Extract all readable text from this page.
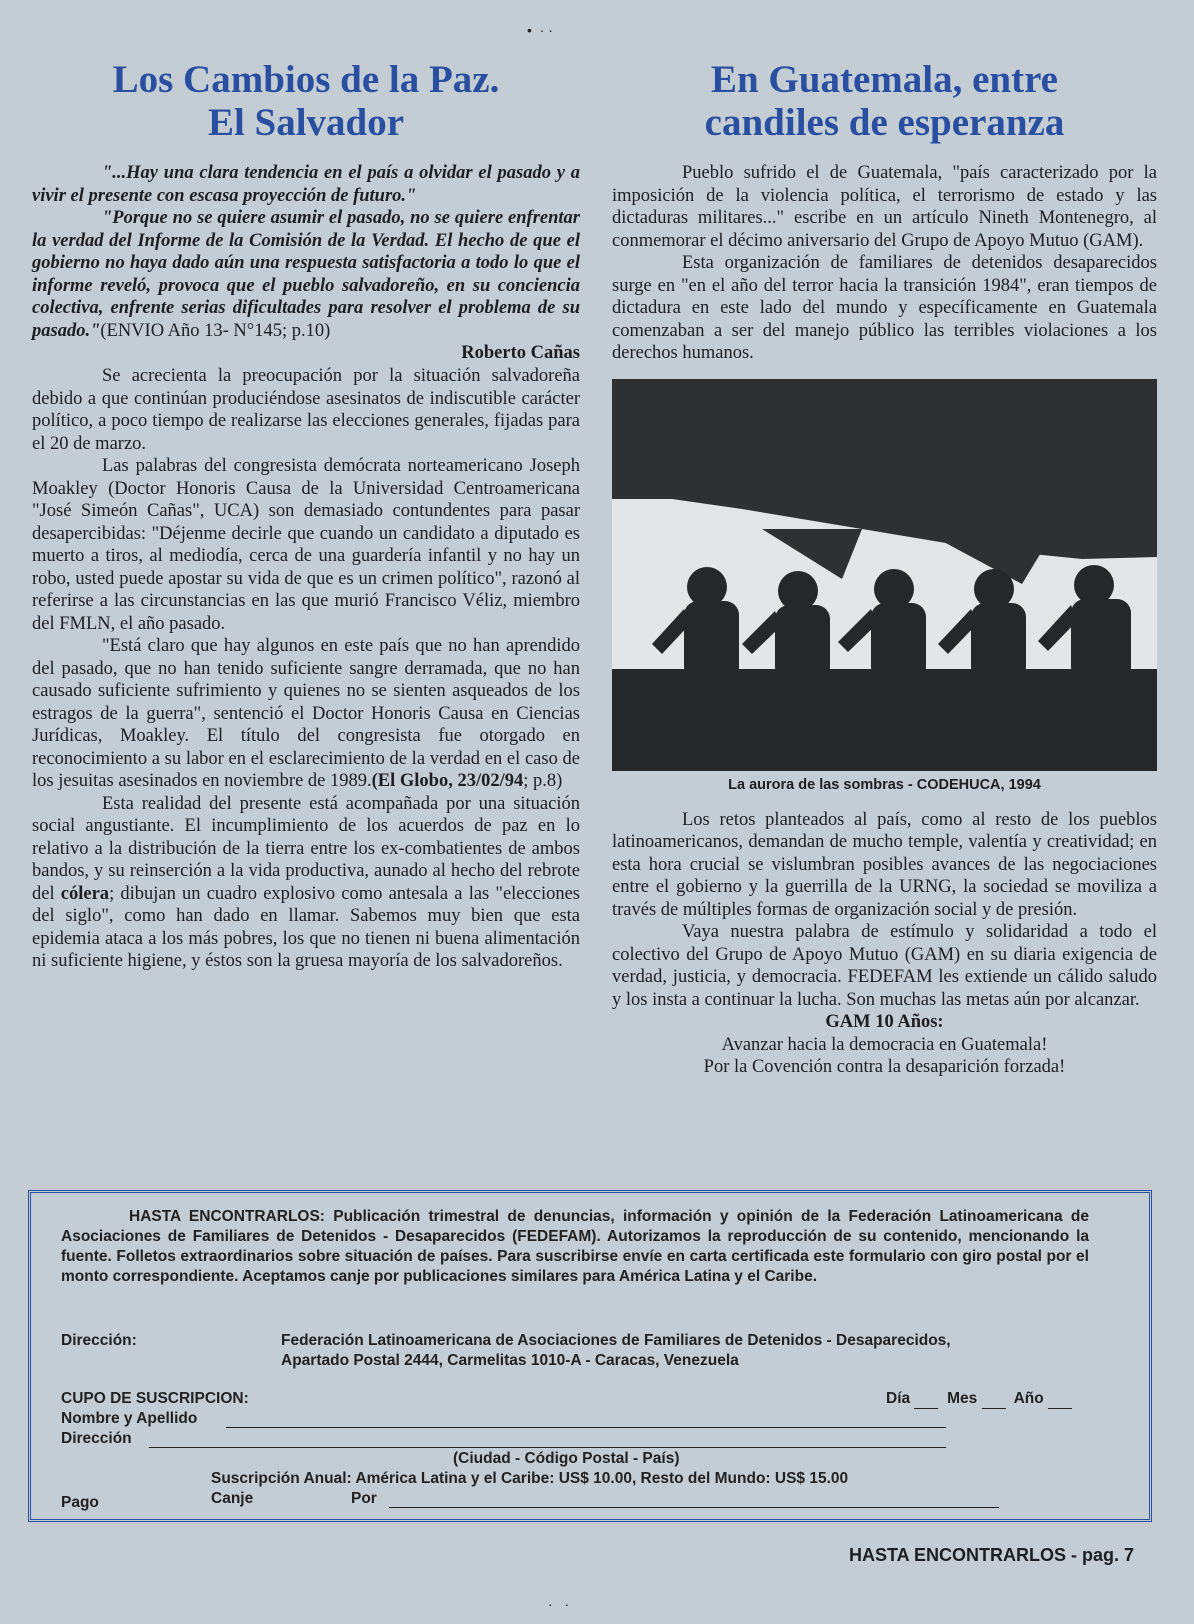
•  · ·
Los Cambios de la Paz.
El Salvador

"...Hay una clara tendencia en el país a olvidar el pasado y a vivir el presente con escasa proyección de futuro."

"Porque no se quiere asumir el pasado, no se quiere enfrentar la verdad del Informe de la Comisión de la Verdad. El hecho de que el gobierno no haya dado aún una respuesta satisfactoria a todo lo que el informe reveló, provoca que el pueblo salvadoreño, en su conciencia colectiva, enfrente serias dificultades para resolver el problema de su pasado."(ENVIO Año 13- N°145; p.10)

Roberto Cañas

Se acrecienta la preocupación por la situación salvadoreña debido a que continúan produciéndose asesinatos de indiscutible carácter político, a poco tiempo de realizarse las elecciones generales, fijadas para el 20 de marzo.

Las palabras del congresista demócrata norteamericano Joseph Moakley (Doctor Honoris Causa de la Universidad Centroamericana "José Simeón Cañas", UCA) son demasiado contundentes para pasar desapercibidas: "Déjenme decirle que cuando un candidato a diputado es muerto a tiros, al mediodía, cerca de una guardería infantil y no hay un robo, usted puede apostar su vida de que es un crimen político", razonó al referirse a las circunstancias en las que murió Francisco Véliz, miembro del FMLN, el año pasado.

"Está claro que hay algunos en este país que no han aprendido del pasado, que no han tenido suficiente sangre derramada, que no han causado suficiente sufrimiento y quienes no se sienten asqueados de los estragos de la guerra", sentenció el Doctor Honoris Causa en Ciencias Jurídicas, Moakley. El título del congresista fue otorgado en reconocimiento a su labor en el esclarecimiento de la verdad en el caso de los jesuitas asesinados en noviembre de 1989.(El Globo, 23/02/94; p.8)

Esta realidad del presente está acompañada por una situación social angustiante. El incumplimiento de los acuerdos de paz en lo relativo a la distribución de la tierra entre los ex-combatientes de ambos bandos, y su reinserción a la vida productiva, aunado al hecho del rebrote del cólera; dibujan un cuadro explosivo como antesala a las "elecciones del siglo", como han dado en llamar. Sabemos muy bien que esta epidemia ataca a los más pobres, los que no tienen ni buena alimentación ni suficiente higiene, y éstos son la gruesa mayoría de los salvadoreños.

En Guatemala, entre
candiles de esperanza

Pueblo sufrido el de Guatemala, "país caracterizado por la imposición de la violencia política, el terrorismo de estado y las dictaduras militares..." escribe en un artículo Nineth Montenegro, al conmemorar el décimo aniversario del Grupo de Apoyo Mutuo (GAM).

Esta organización de familiares de detenidos desaparecidos surge en "en el año del terror hacia la transición 1984", eran tiempos de dictadura en este lado del mundo y específicamente en Guatemala comenzaban a ser del manejo público las terribles violaciones a los derechos humanos.

La aurora de las sombras - CODEHUCA, 1994

Los retos planteados al país, como al resto de los pueblos latinoamericanos, demandan de mucho temple, valentía y creatividad; en esta hora crucial se vislumbran posibles avances de las negociaciones entre el gobierno y la guerrilla de la URNG, la sociedad se moviliza a través de múltiples formas de organización social y de presión.

Vaya nuestra palabra de estímulo y solidaridad a todo el colectivo del Grupo de Apoyo Mutuo (GAM) en su diaria exigencia de verdad, justicia, y democracia. FEDEFAM les extiende un cálido saludo y los insta a continuar la lucha. Son muchas las metas aún por alcanzar.

GAM 10 Años:

Avanzar hacia la democracia en Guatemala!

Por la Covención contra la desaparición forzada!

HASTA ENCONTRARLOS: Publicación trimestral de denuncias, información y opinión de la Federación Latinoamericana de Asociaciones de Familiares de Detenidos - Desaparecidos (FEDEFAM). Autorizamos la reproducción de su contenido, mencionando la fuente. Folletos extraordinarios sobre situación de países. Para suscribirse envíe en carta certificada este formulario con giro postal por el monto correspondiente. Aceptamos canje por publicaciones similares para América Latina y el Caribe.
Dirección:	Federación Latinoamericana de Asociaciones de Familiares de Detenidos - Desaparecidos,
Apartado Postal 2444, Carmelitas 1010-A - Caracas, Venezuela
CUPO DE SUSCRIPCION:	Día Mes Año
Nombre y Apellido
Dirección
(Ciudad - Código Postal - País)
Suscripción Anual: América Latina y el Caribe: US$ 10.00, Resto del Mundo: US$ 15.00
Pago	Canje	Por
HASTA ENCONTRARLOS - pag. 7
·   ·
